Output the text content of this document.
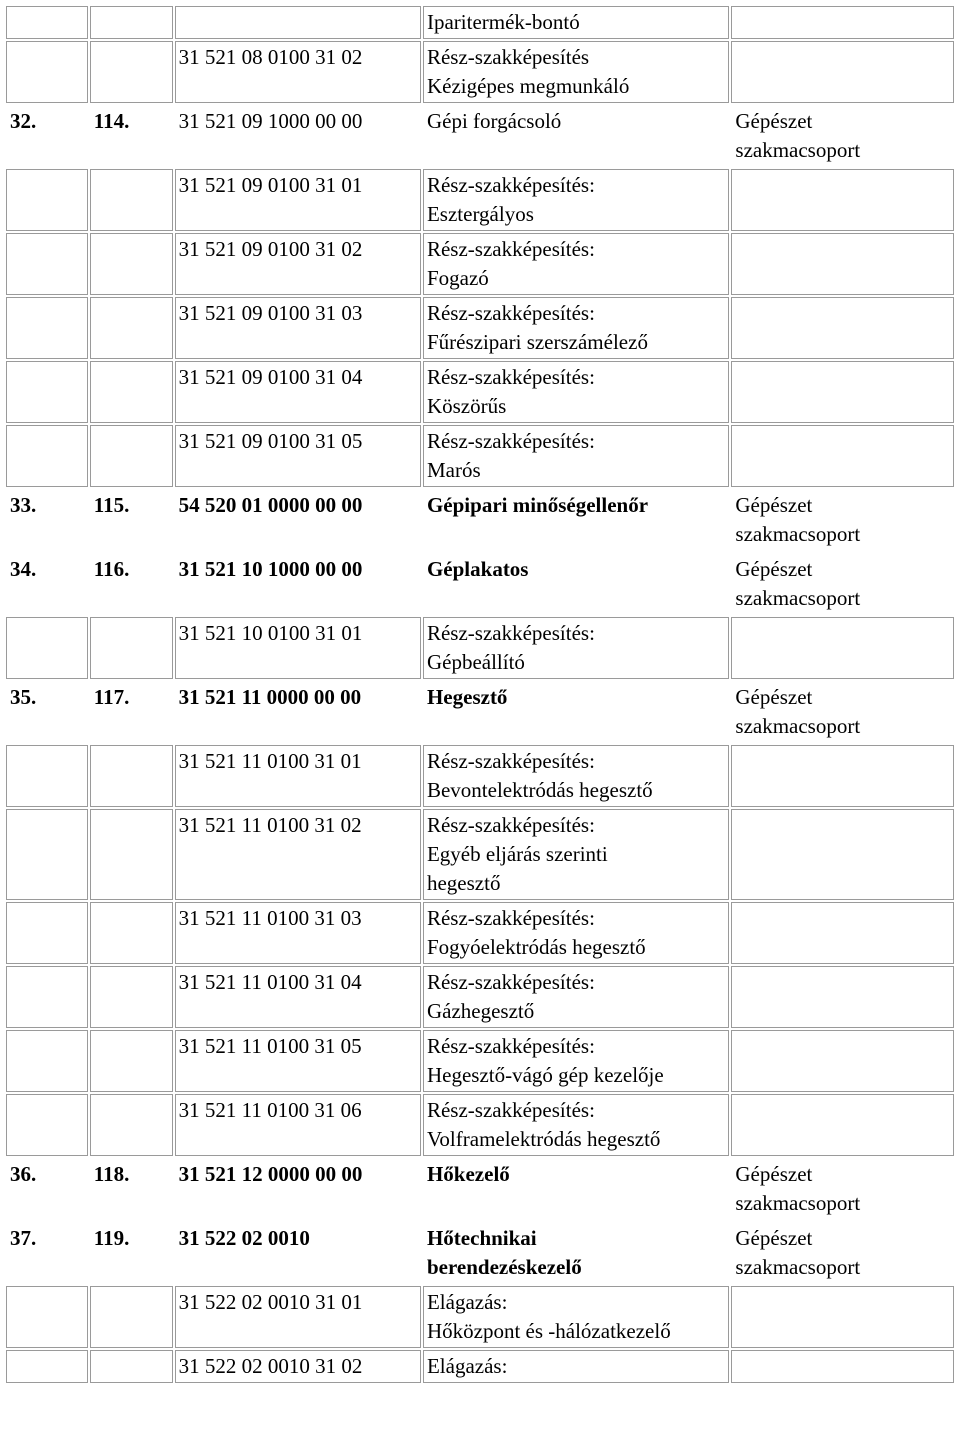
			Iparitermék-bontó	

		31 521 08 0100 31 02	Rész-szakképesítés
Kézigépes megmunkáló	

32.	114.	31 521 09 1000 00 00	Gépi forgácsoló	Gépészet
szakmacsoport

		31 521 09 0100 31 01	Rész-szakképesítés:
Esztergályos	

		31 521 09 0100 31 02	Rész-szakképesítés:
Fogazó	

		31 521 09 0100 31 03	Rész-szakképesítés:
Fűrészipari szerszámélező	

		31 521 09 0100 31 04	Rész-szakképesítés:
Köszörűs	

		31 521 09 0100 31 05	Rész-szakképesítés:
Marós	

33.	115.	54 520 01 0000 00 00	Gépipari minőségellenőr	Gépészet
szakmacsoport

34.	116.	31 521 10 1000 00 00	Géplakatos	Gépészet
szakmacsoport

		31 521 10 0100 31 01	Rész-szakképesítés:
Gépbeállító	

35.	117.	31 521 11 0000 00 00	Hegesztő	Gépészet
szakmacsoport

		31 521 11 0100 31 01	Rész-szakképesítés:
Bevontelektródás hegesztő	

		31 521 11 0100 31 02	Rész-szakképesítés:
Egyéb eljárás szerinti
hegesztő	

		31 521 11 0100 31 03	Rész-szakképesítés:
Fogyóelektródás hegesztő	

		31 521 11 0100 31 04	Rész-szakképesítés:
Gázhegesztő	

		31 521 11 0100 31 05	Rész-szakképesítés:
Hegesztő-vágó gép kezelője	

		31 521 11 0100 31 06	Rész-szakképesítés:
Volframelektródás hegesztő	

36.	118.	31 521 12 0000 00 00	Hőkezelő	Gépészet
szakmacsoport

37.	119.	31 522 02 0010	Hőtechnikai
berendezéskezelő	Gépészet
szakmacsoport

		31 522 02 0010 31 01	Elágazás:
Hőközpont és -hálózatkezelő	

		31 522 02 0010 31 02	Elágazás:	
